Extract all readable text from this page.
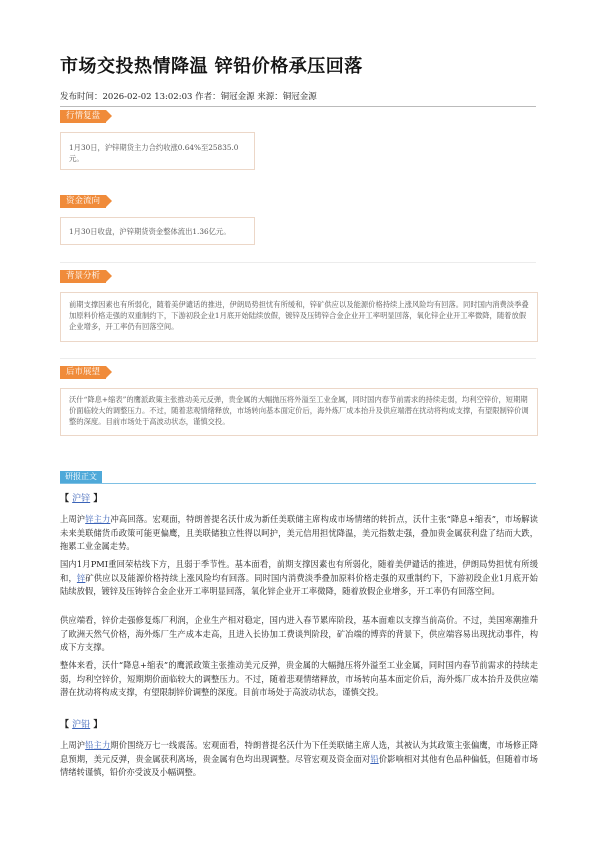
市场交投热情降温 锌铅价格承压回落
发布时间：2026-02-02 13:02:03 作者：铜冠金源 来源：铜冠金源
行情复盘
1月30日，沪锌期货主力合约收涨0.64%至25835.0元。
资金流向
1月30日收盘，沪锌期货资金整体流出1.36亿元。
背景分析
前期支撑因素也有所弱化，随着美伊谴话的推进，伊朗局势担忧有所缓和，锌矿供应以及能源价格持续上涨风险均有回落。同时国内消费淡季叠加原料价格走强的双重制约下，下游初段企业1月底开始陆续放假，镀锌及压铸锌合金企业开工率明显回落，氧化锌企业开工率微降，随着放假企业增多，开工率仍有回落空间。
后市展望
沃什“降息+缩表”的鹰派政策主张推动美元反弹，贵金属的大幅抛压将外溢至工业金属，同时国内春节前需求的持续走弱，均利空锌价，短期期价面临较大的调整压力。不过，随着悲观情绪释放，市场转向基本面定价后，海外炼厂成本抬升及供应端潜在扰动将构成支撑，有望限制锌价调整的深度。目前市场处于高波动状态，谨慎交投。
研报正文
【 沪锌 】
上周沪锌主力冲高回落。宏观面，特朗普提名沃什成为新任美联储主席构成市场情绪的转折点，沃什主张“降息+缩表”，市场解读未来美联储货币政策可能更偏鹰，且美联储独立性得以呵护，美元信用担忧降温，美元指数走强，叠加贵金属获利盘了结而大跌，拖累工业金属走势。
国内1月PMI重回荣枯线下方，且弱于季节性。基本面看，前期支撑因素也有所弱化，随着美伊谴话的推进，伊朗局势担忧有所缓和，锌矿供应以及能源价格持续上涨风险均有回落。同时国内消费淡季叠加原料价格走强的双重制约下，下游初段企业1月底开始陆续放假，镀锌及压铸锌合金企业开工率明显回落，氧化锌企业开工率微降，随着放假企业增多，开工率仍有回落空间。
供应端看，锌价走强修复炼厂利润，企业生产相对稳定，国内进入春节累库阶段，基本面难以支撑当前高价。不过，美国寒潮推升了欧洲天然气价格，海外炼厂生产成本走高，且进入长协加工费谈判阶段，矿冶端的博弈的背景下，供应端容易出现扰动事件，构成下方支撑。
整体来看，沃什“降息+缩表”的鹰派政策主张推动美元反弹，贵金属的大幅抛压将外溢至工业金属，同时国内春节前需求的持续走弱，均利空锌价，短期期价面临较大的调整压力。不过，随着悲观情绪释放，市场转向基本面定价后，海外炼厂成本抬升及供应端潜在扰动将构成支撑，有望限制锌价调整的深度。目前市场处于高波动状态，谨慎交投。
【 沪铅 】
上周沪铅主力期价围绕万七一线震荡。宏观面看，特朗普提名沃什为下任美联储主席人选，其被认为其政策主张偏鹰，市场修正降息预期，美元反弹，贵金属获利离场，贵金属有色均出现调整。尽管宏观及资金面对铅价影响相对其他有色品种偏低，但随着市场情绪转谨慎，铅价亦受波及小幅调整。
